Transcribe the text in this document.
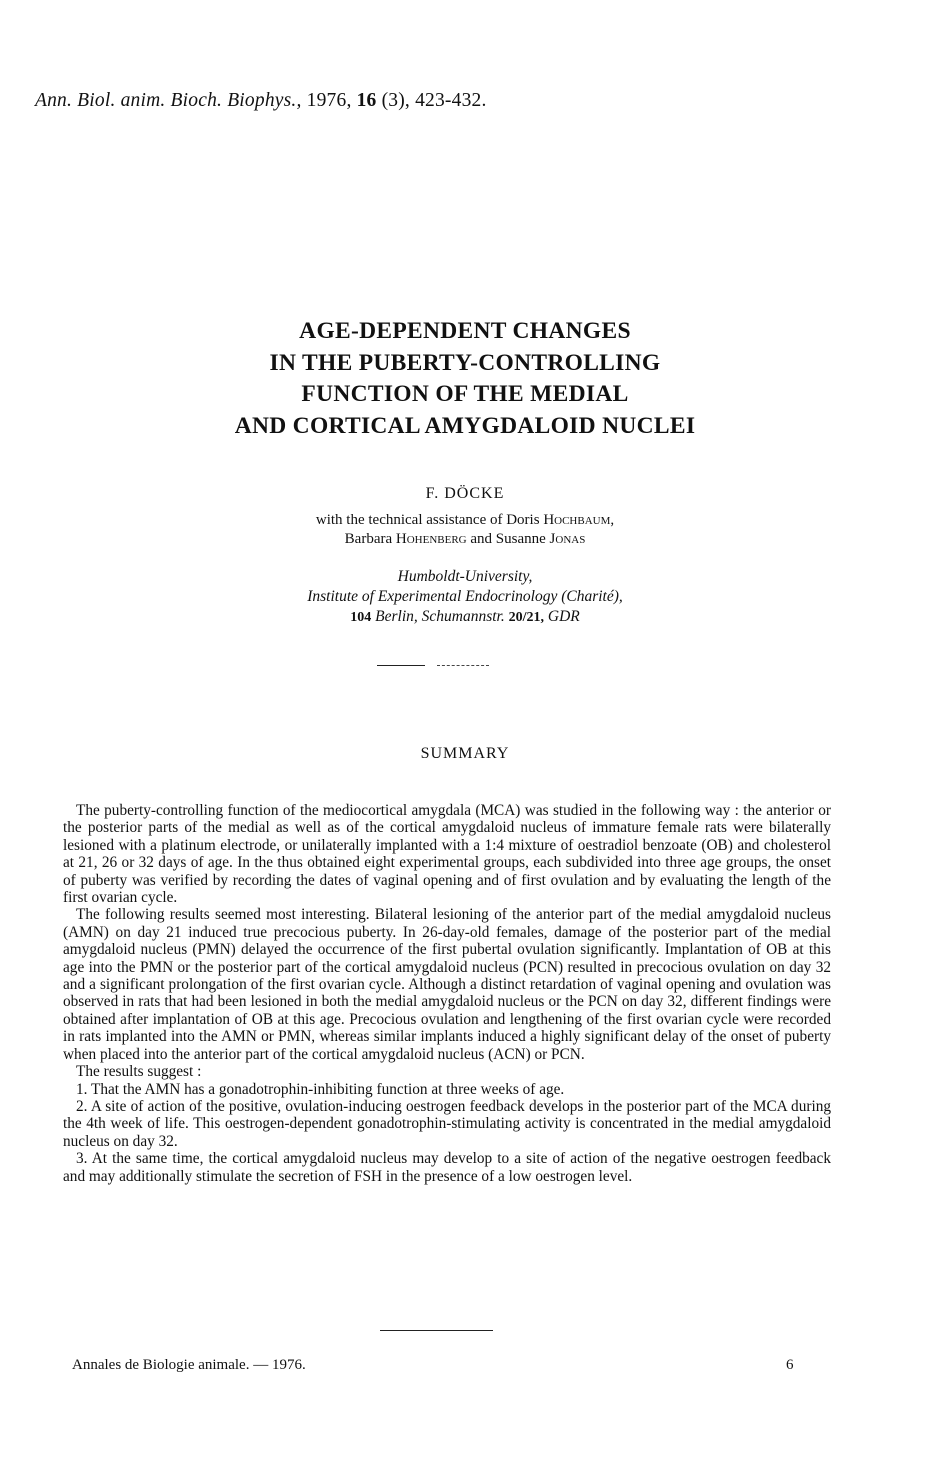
Ann. Biol. anim. Bioch. Biophys., 1976, 16 (3), 423-432.
AGE-DEPENDENT CHANGES
IN THE PUBERTY-CONTROLLING
FUNCTION OF THE MEDIAL
AND CORTICAL AMYGDALOID NUCLEI
F. DÖCKE
with the technical assistance of Doris Hochbaum,
Barbara Hohenberg and Susanne Jonas
Humboldt-University,
Institute of Experimental Endocrinology (Charité),
104 Berlin, Schumannstr. 20/21, GDR
SUMMARY

The puberty-controlling function of the mediocortical amygdala (MCA) was studied in the following way : the anterior or the posterior parts of the medial as well as of the cortical amygdaloid nucleus of immature female rats were bilaterally lesioned with a platinum electrode, or unilaterally implanted with a 1:4 mixture of oestradiol benzoate (OB) and cholesterol at 21, 26 or 32 days of age. In the thus obtained eight experimental groups, each subdivided into three age groups, the onset of puberty was verified by recording the dates of vaginal opening and of first ovulation and by evaluating the length of the first ovarian cycle.

The following results seemed most interesting. Bilateral lesioning of the anterior part of the medial amygdaloid nucleus (AMN) on day 21 induced true precocious puberty. In 26-day-old females, damage of the posterior part of the medial amygdaloid nucleus (PMN) delayed the occurrence of the first pubertal ovulation significantly. Implantation of OB at this age into the PMN or the posterior part of the cortical amygdaloid nucleus (PCN) resulted in precocious ovulation on day 32 and a significant prolongation of the first ovarian cycle. Although a distinct retardation of vaginal opening and ovulation was observed in rats that had been lesioned in both the medial amygdaloid nucleus or the PCN on day 32, different findings were obtained after implantation of OB at this age. Precocious ovulation and lengthening of the first ovarian cycle were recorded in rats implanted into the AMN or PMN, whereas similar implants induced a highly significant delay of the onset of puberty when placed into the anterior part of the cortical amygdaloid nucleus (ACN) or PCN.

The results suggest :

1. That the AMN has a gonadotrophin-inhibiting function at three weeks of age.

2. A site of action of the positive, ovulation-inducing oestrogen feedback develops in the posterior part of the MCA during the 4th week of life. This oestrogen-dependent gonadotrophin-stimulating activity is concentrated in the medial amygdaloid nucleus on day 32.

3. At the same time, the cortical amygdaloid nucleus may develop to a site of action of the negative oestrogen feedback and may additionally stimulate the secretion of FSH in the presence of a low oestrogen level.

Annales de Biologie animale. — 1976.	6
